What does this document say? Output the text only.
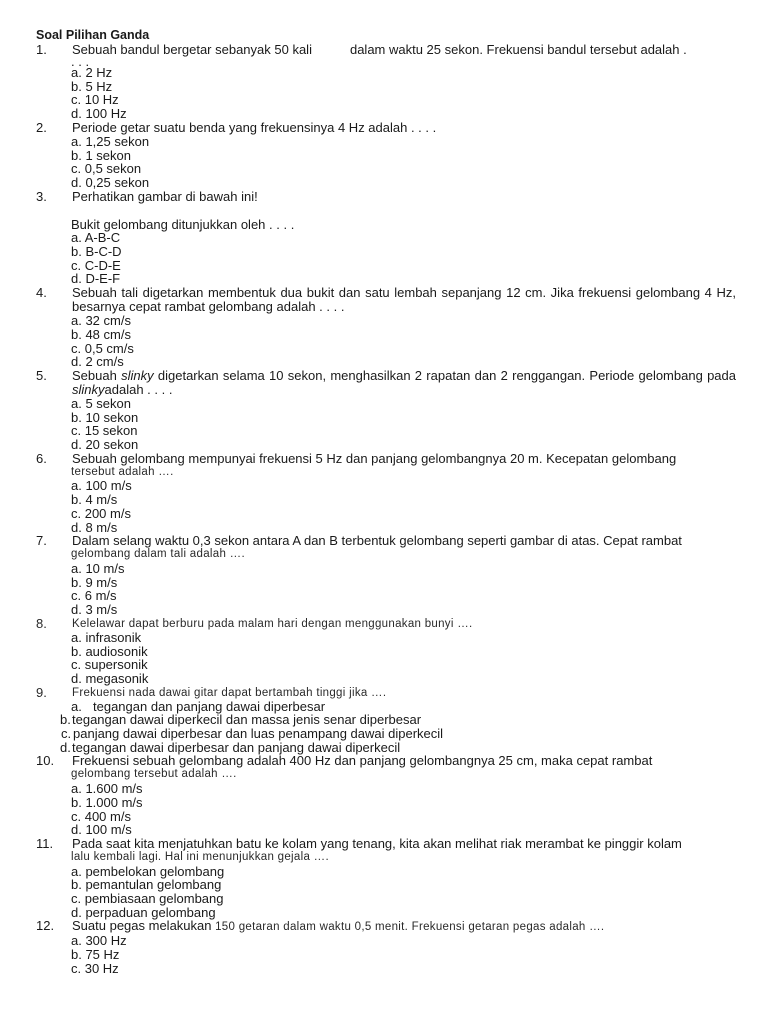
Soal Pilihan Ganda
1. Sebuah bandul bergetar sebanyak 50 kali	dalam waktu 25 sekon. Frekuensi bandul tersebut adalah .
. . .
a. 2 Hz
b. 5 Hz
c. 10 Hz
d. 100 Hz
2. Periode getar suatu benda yang frekuensinya 4 Hz adalah . . . .
a. 1,25 sekon
b. 1 sekon
c. 0,5 sekon
d. 0,25 sekon
3. Perhatikan gambar di bawah ini!
Bukit gelombang ditunjukkan oleh . . . .
a. A-B-C
b. B-C-D
c. C-D-E
d. D-E-F
4. Sebuah tali digetarkan membentuk dua bukit dan satu lembah sepanjang 12 cm. Jika frekuensi gelombang 4 Hz, besarnya cepat rambat gelombang adalah . . . .
a. 32 cm/s
b. 48 cm/s
c. 0,5 cm/s
d. 2 cm/s
5. Sebuah slinky digetarkan selama 10 sekon, menghasilkan 2 rapatan dan 2 renggangan. Periode gelombang pada slinkyadalah . . . .
a. 5 sekon
b. 10 sekon
c. 15 sekon
d. 20 sekon
6. Sebuah gelombang mempunyai frekuensi 5 Hz dan panjang gelombangnya 20 m. Kecepatan gelombang
tersebut adalah ….
a. 100 m/s
b. 4 m/s
c. 200 m/s
d. 8 m/s
7. Dalam selang waktu 0,3 sekon antara A dan B terbentuk gelombang seperti gambar di atas. Cepat rambat
gelombang dalam tali adalah ….
a. 10 m/s
b. 9 m/s
c. 6 m/s
d. 3 m/s
8. Kelelawar dapat berburu pada malam hari dengan menggunakan bunyi ….
a. infrasonik
b. audiosonik
c. supersonik
d. megasonik
9. Frekuensi nada dawai gitar dapat bertambah tinggi jika ….
a. tegangan dan panjang dawai diperbesar
b.tegangan dawai diperkecil dan massa jenis senar diperbesar
c. panjang dawai diperbesar dan luas penampang dawai diperkecil
d.tegangan dawai diperbesar dan panjang dawai diperkecil
10. Frekuensi sebuah gelombang adalah 400 Hz dan panjang gelombangnya 25 cm, maka cepat rambat
gelombang tersebut adalah ….
a. 1.600 m/s
b. 1.000 m/s
c. 400 m/s
d. 100 m/s
11. Pada saat kita menjatuhkan batu ke kolam yang tenang, kita akan melihat riak merambat ke pinggir kolam
lalu kembali lagi. Hal ini menunjukkan gejala ….
a. pembelokan gelombang
b. pemantulan gelombang
c. pembiasaan gelombang
d. perpaduan gelombang
12. Suatu pegas melakukan 150 getaran dalam waktu 0,5 menit. Frekuensi getaran pegas adalah ….
a. 300 Hz
b. 75 Hz
c. 30 Hz
